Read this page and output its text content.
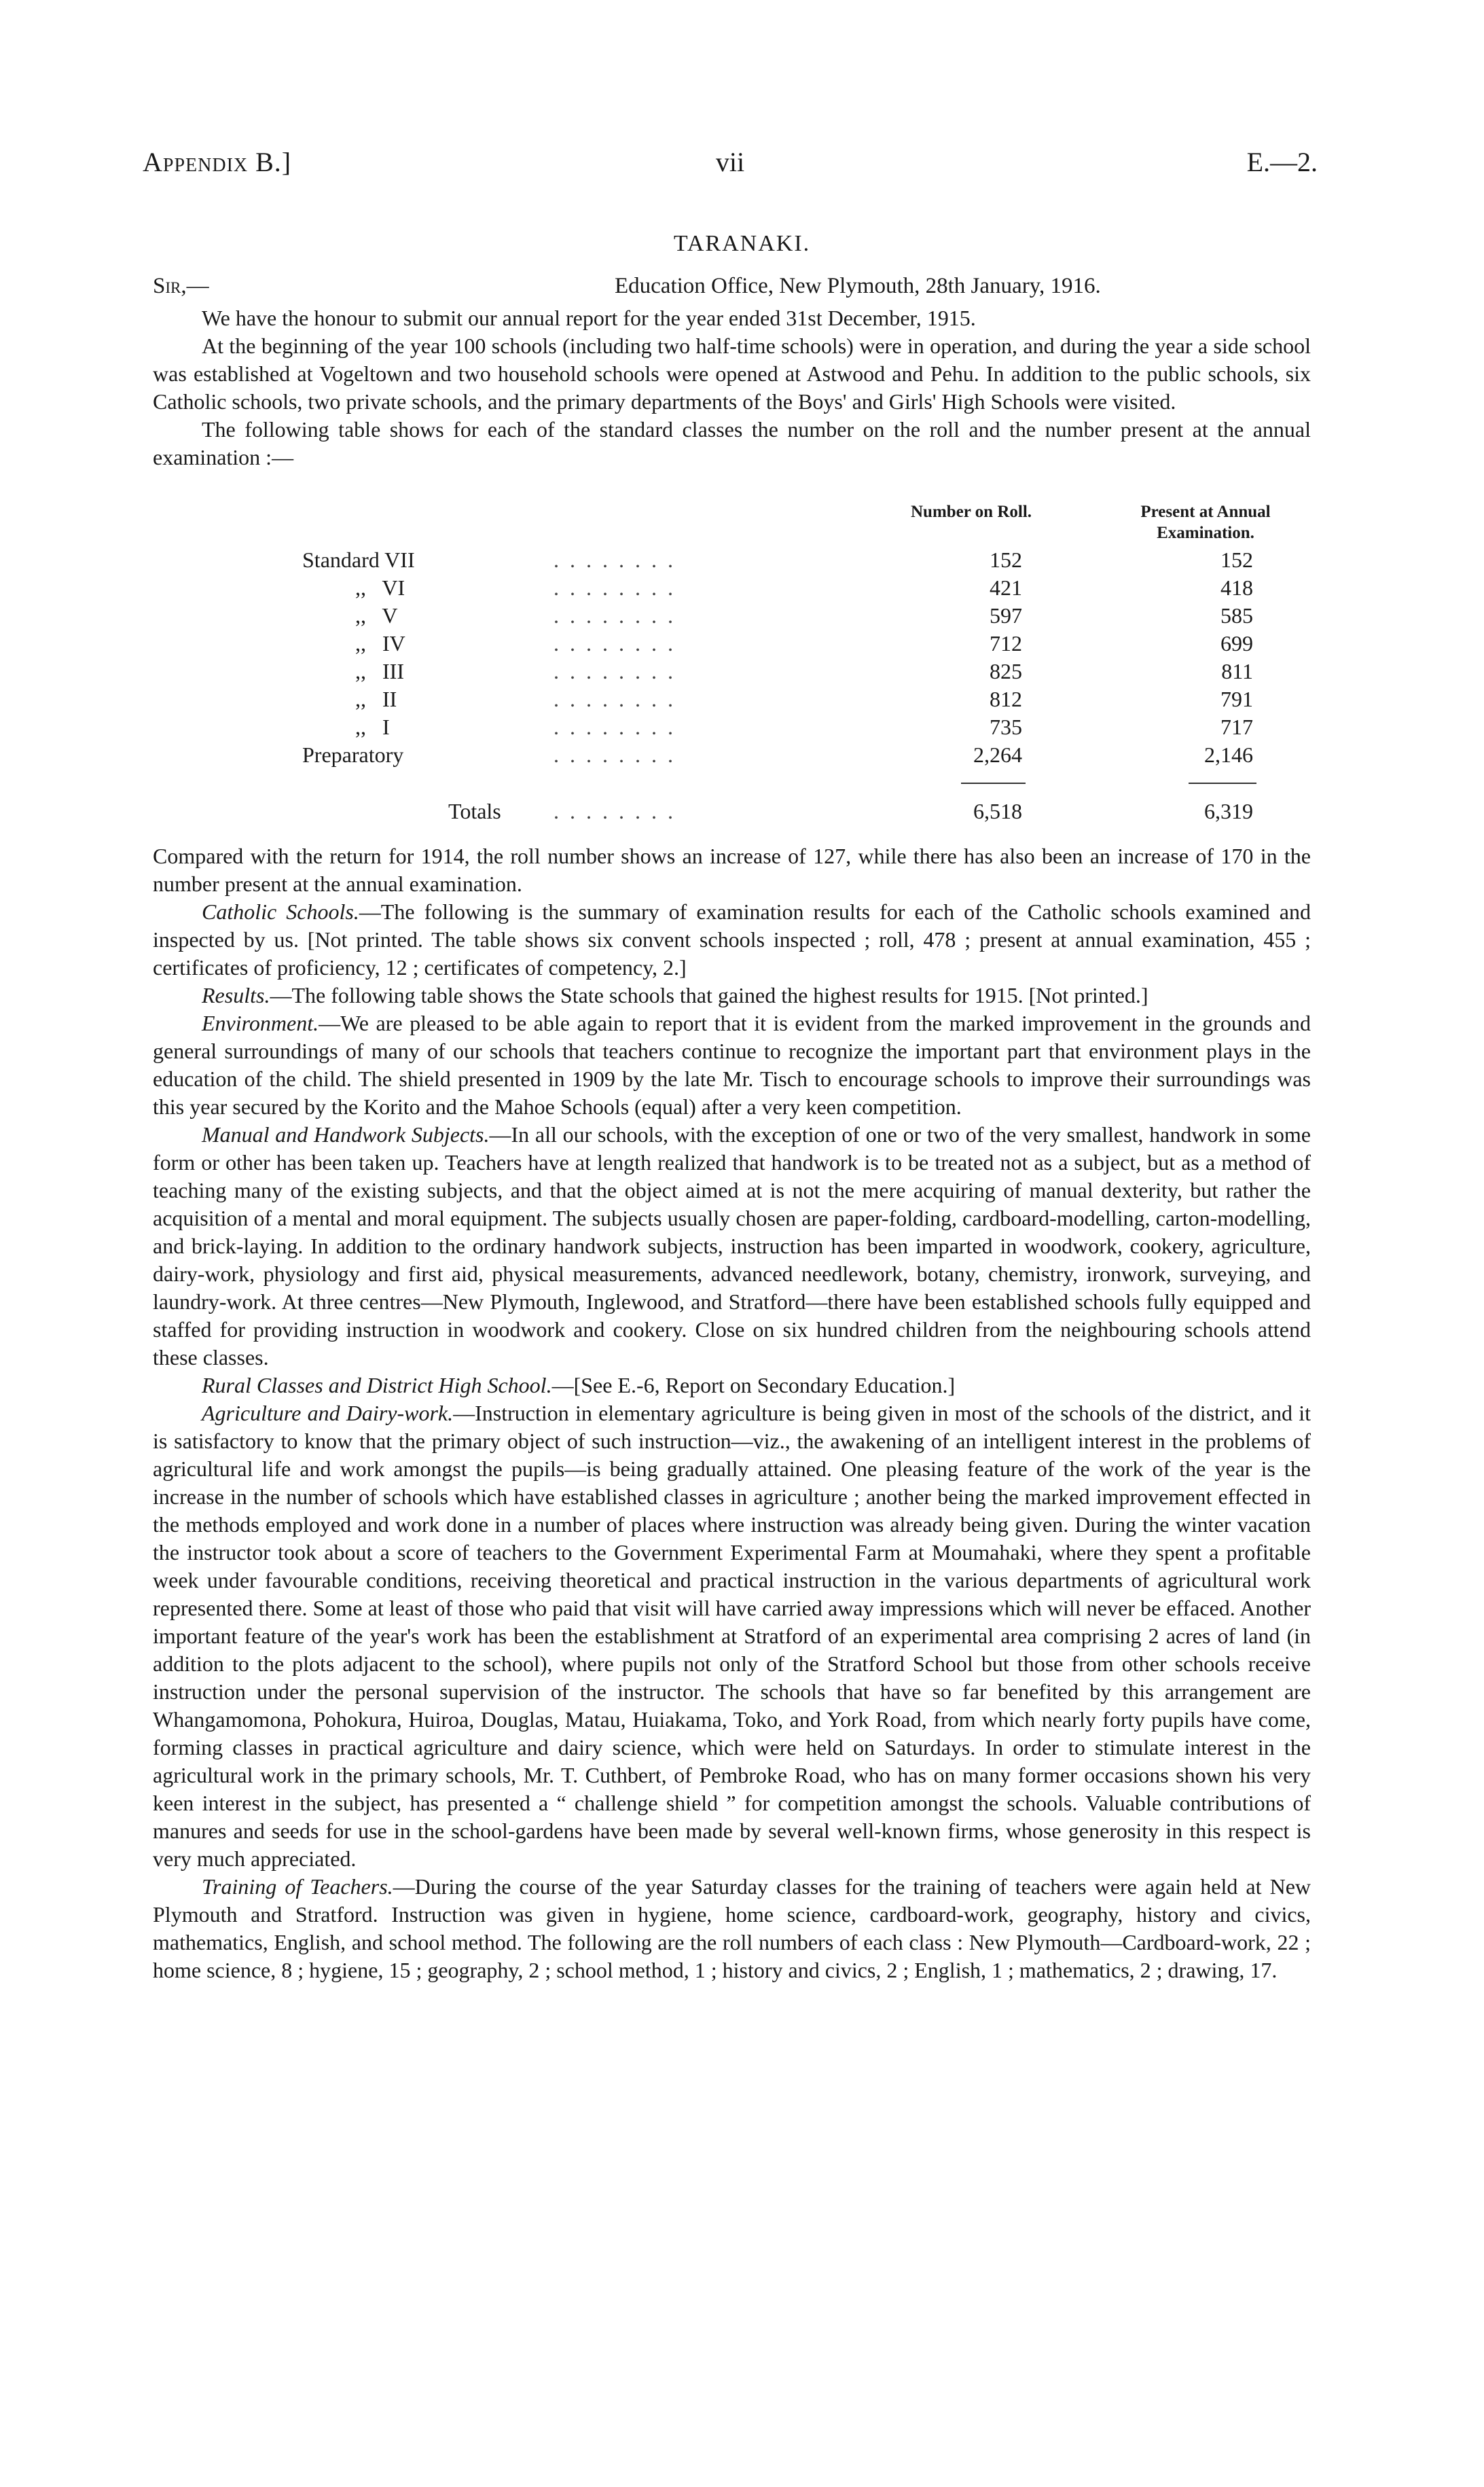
Appendix B.]	vii	E.—2.
TARANAKI.
Sir,—	Education Office, New Plymouth, 28th January, 1916.

We have the honour to submit our annual report for the year ended 31st December, 1915.

At the beginning of the year 100 schools (including two half-time schools) were in operation, and during the year a side school was established at Vogeltown and two household schools were opened at Astwood and Pehu. In addition to the public schools, six Catholic schools, two private schools, and the primary departments of the Boys' and Girls' High Schools were visited.

The following table shows for each of the standard classes the number on the roll and the number present at the annual examination :—

Number on Roll.	Present at Annual Examination.
Standard VII	. . . . . . . .	152	152
,,   VI	. . . . . . . .	421	418
,,   V	. . . . . . . .	597	585
,,   IV	. . . . . . . .	712	699
,,   III	. . . . . . . .	825	811
,,   II	. . . . . . . .	812	791
,,   I	. . . . . . . .	735	717
Preparatory	. . . . . . . .	2,264	2,146
Totals . . . . . . . .	6,518	6,319

Compared with the return for 1914, the roll number shows an increase of 127, while there has also been an increase of 170 in the number present at the annual examination.

Catholic Schools.—The following is the summary of examination results for each of the Catholic schools examined and inspected by us. [Not printed. The table shows six convent schools inspected ; roll, 478 ; present at annual examination, 455 ; certificates of proficiency, 12 ; certificates of competency, 2.]

Results.—The following table shows the State schools that gained the highest results for 1915. [Not printed.]

Environment.—We are pleased to be able again to report that it is evident from the marked improvement in the grounds and general surroundings of many of our schools that teachers continue to recognize the important part that environment plays in the education of the child. The shield presented in 1909 by the late Mr. Tisch to encourage schools to improve their surroundings was this year secured by the Korito and the Mahoe Schools (equal) after a very keen competition.

Manual and Handwork Subjects.—In all our schools, with the exception of one or two of the very smallest, handwork in some form or other has been taken up. Teachers have at length realized that handwork is to be treated not as a subject, but as a method of teaching many of the existing subjects, and that the object aimed at is not the mere acquiring of manual dexterity, but rather the acquisition of a mental and moral equipment. The subjects usually chosen are paper-folding, cardboard-modelling, carton-modelling, and brick-laying. In addition to the ordinary handwork subjects, instruction has been imparted in woodwork, cookery, agriculture, dairy-work, physiology and first aid, physical measurements, advanced needlework, botany, chemistry, ironwork, surveying, and laundry-work. At three centres—New Plymouth, Inglewood, and Stratford—there have been established schools fully equipped and staffed for providing instruction in woodwork and cookery. Close on six hundred children from the neighbouring schools attend these classes.

Rural Classes and District High School.—[See E.-6, Report on Secondary Education.]

Agriculture and Dairy-work.—Instruction in elementary agriculture is being given in most of the schools of the district, and it is satisfactory to know that the primary object of such instruction—viz., the awakening of an intelligent interest in the problems of agricultural life and work amongst the pupils—is being gradually attained. One pleasing feature of the work of the year is the increase in the number of schools which have established classes in agriculture ; another being the marked improvement effected in the methods employed and work done in a number of places where instruction was already being given. During the winter vacation the instructor took about a score of teachers to the Government Experimental Farm at Moumahaki, where they spent a profitable week under favourable conditions, receiving theoretical and practical instruction in the various departments of agricultural work represented there. Some at least of those who paid that visit will have carried away impressions which will never be effaced. Another important feature of the year's work has been the establishment at Stratford of an experimental area comprising 2 acres of land (in addition to the plots adjacent to the school), where pupils not only of the Stratford School but those from other schools receive instruction under the personal supervision of the instructor. The schools that have so far benefited by this arrangement are Whangamomona, Pohokura, Huiroa, Douglas, Matau, Huiakama, Toko, and York Road, from which nearly forty pupils have come, forming classes in practical agriculture and dairy science, which were held on Saturdays. In order to stimulate interest in the agricultural work in the primary schools, Mr. T. Cuthbert, of Pembroke Road, who has on many former occasions shown his very keen interest in the subject, has presented a “ challenge shield ” for competition amongst the schools. Valuable contributions of manures and seeds for use in the school-gardens have been made by several well-known firms, whose generosity in this respect is very much appreciated.

Training of Teachers.—During the course of the year Saturday classes for the training of teachers were again held at New Plymouth and Stratford. Instruction was given in hygiene, home science, cardboard-work, geography, history and civics, mathematics, English, and school method. The following are the roll numbers of each class : New Plymouth—Cardboard-work, 22 ; home science, 8 ; hygiene, 15 ; geography, 2 ; school method, 1 ; history and civics, 2 ; English, 1 ; mathematics, 2 ; drawing, 17.
